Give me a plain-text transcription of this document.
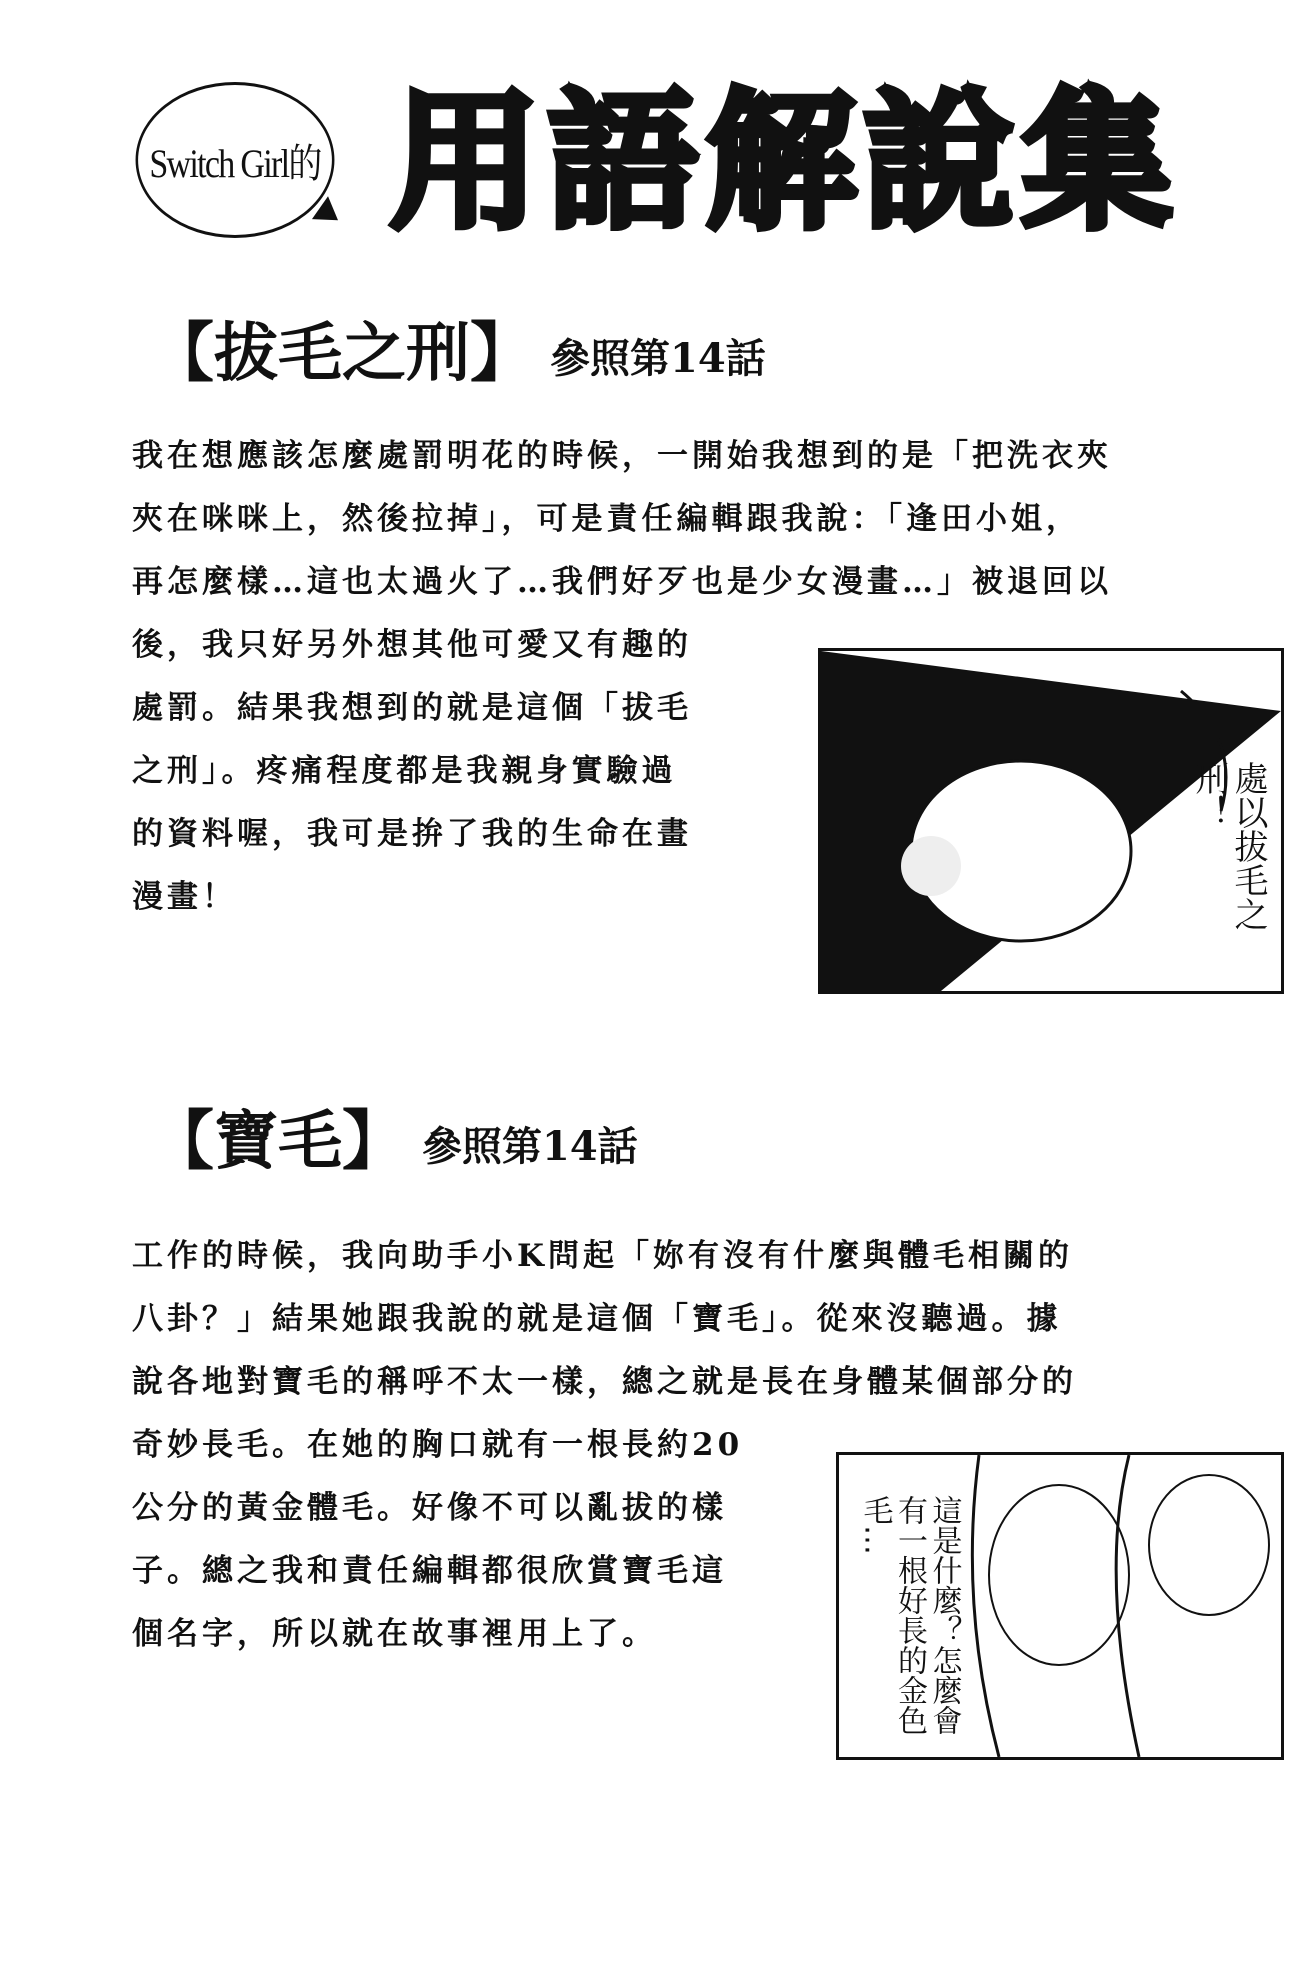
Switch Girl的 用語解說集
【拔毛之刑】 參照第14話
我在想應該怎麼處罰明花的時候，一開始我想到的是「把洗衣夾
夾在咪咪上，然後拉掉」，可是責任編輯跟我說：「逢田小姐，
再怎麼樣…這也太過火了…我們好歹也是少女漫畫…」被退回以
後，我只好另外想其他可愛又有趣的
處罰。結果我想到的就是這個「拔毛
之刑」。疼痛程度都是我親身實驗過
的資料喔，我可是拚了我的生命在畫
漫畫！	處以拔毛之刑！
【寶毛】 參照第14話
工作的時候，我向助手小K問起「妳有沒有什麼與體毛相關的
八卦？」結果她跟我說的就是這個「寶毛」。從來沒聽過。據
說各地對寶毛的稱呼不太一樣，總之就是長在身體某個部分的
奇妙長毛。在她的胸口就有一根長約20
公分的黃金體毛。好像不可以亂拔的樣
子。總之我和責任編輯都很欣賞寶毛這
個名字，所以就在故事裡用上了。	這是什麼？怎麼會有一根好長的金色毛…
